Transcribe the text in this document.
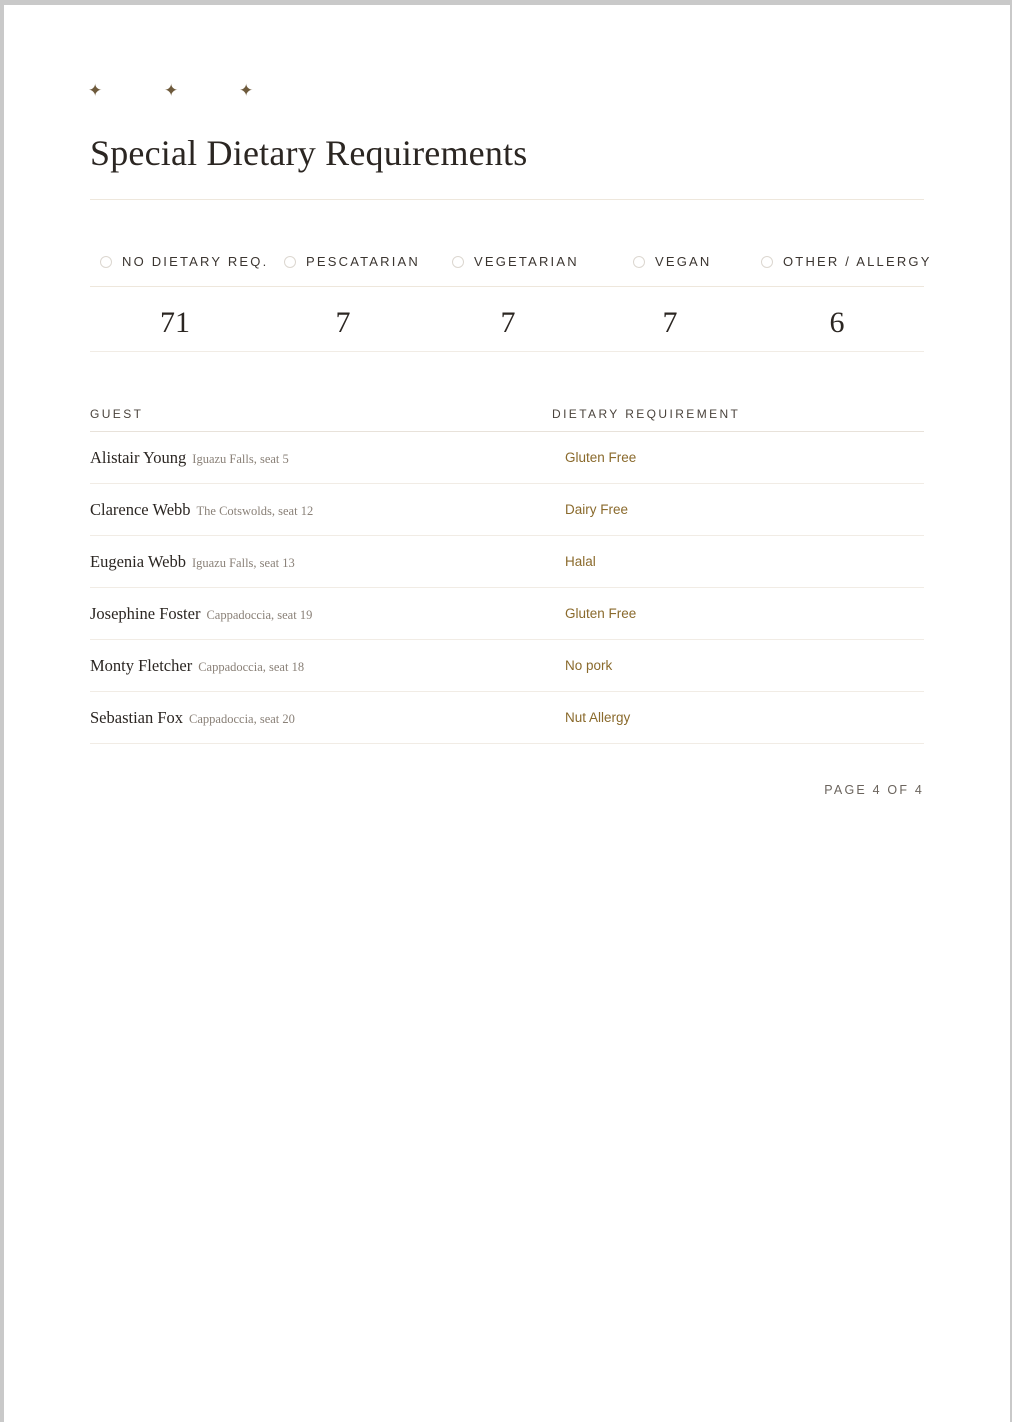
✦	✦	✦
Special Dietary Requirements
NO DIETARY REQ.	PESCATARIAN	VEGETARIAN	VEGAN	OTHER / ALLERGY
71	7	7	7	6
GUEST	DIETARY REQUIREMENT
Alistair Young Iguazu Falls, seat 5	Gluten Free
Clarence Webb The Cotswolds, seat 12	Dairy Free
Eugenia Webb Iguazu Falls, seat 13	Halal
Josephine Foster Cappadoccia, seat 19	Gluten Free
Monty Fletcher Cappadoccia, seat 18	No pork
Sebastian Fox Cappadoccia, seat 20	Nut Allergy
PAGE 4 OF 4
